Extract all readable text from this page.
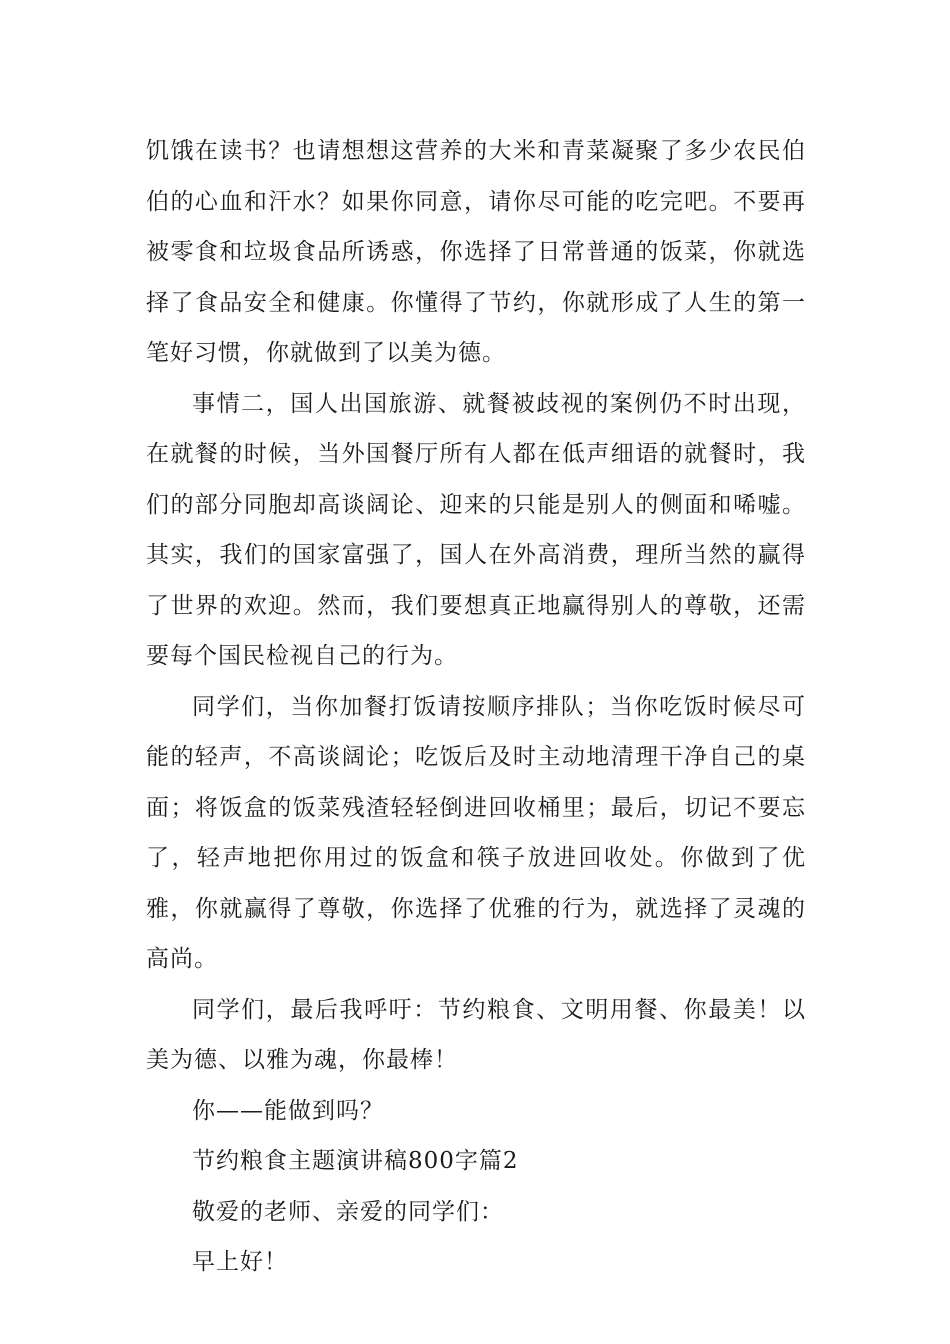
饥饿在读书？也请想想这营养的大米和青菜凝聚了多少农民伯伯的心血和汗水？如果你同意，请你尽可能的吃完吧。不要再被零食和垃圾食品所诱惑，你选择了日常普通的饭菜，你就选择了食品安全和健康。你懂得了节约，你就形成了人生的第一笔好习惯，你就做到了以美为德。

事情二，国人出国旅游、就餐被歧视的案例仍不时出现，在就餐的时候，当外国餐厅所有人都在低声细语的就餐时，我们的部分同胞却高谈阔论、迎来的只能是别人的侧面和唏嘘。其实，我们的国家富强了，国人在外高消费，理所当然的赢得了世界的欢迎。然而，我们要想真正地赢得别人的尊敬，还需要每个国民检视自己的行为。

同学们，当你加餐打饭请按顺序排队；当你吃饭时候尽可能的轻声，不高谈阔论；吃饭后及时主动地清理干净自己的桌面；将饭盒的饭菜残渣轻轻倒进回收桶里；最后，切记不要忘了，轻声地把你用过的饭盒和筷子放进回收处。你做到了优雅，你就赢得了尊敬，你选择了优雅的行为，就选择了灵魂的高尚。

同学们，最后我呼吁：节约粮食、文明用餐、你最美！以美为德、以雅为魂，你最棒！

你——能做到吗？

节约粮食主题演讲稿800字篇2

敬爱的老师、亲爱的同学们：

早上好！
